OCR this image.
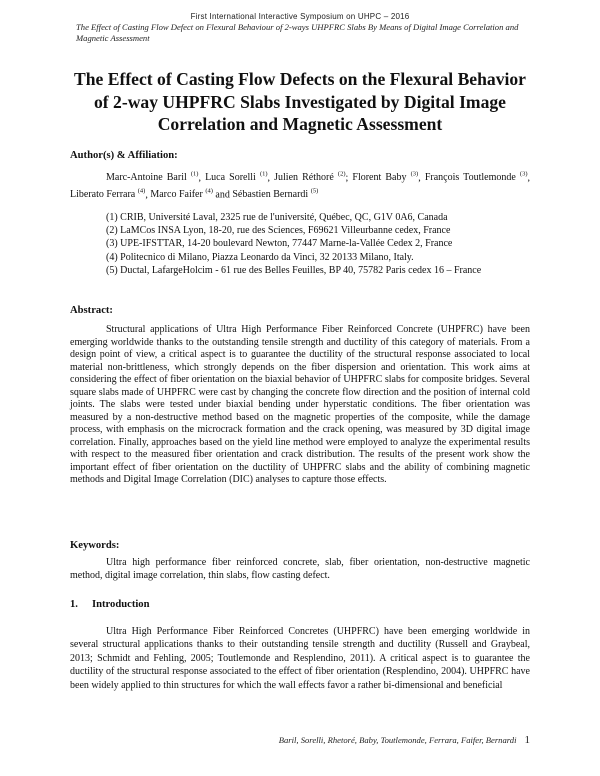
First International Interactive Symposium on UHPC – 2016
The Effect of Casting Flow Defect on Flexural Behaviour of 2-ways UHPFRC Slabs By Means of Digital Image Correlation and Magnetic Assessment
The Effect of Casting Flow Defects on the Flexural Behavior of 2-way UHPFRC Slabs Investigated by Digital Image Correlation and Magnetic Assessment
Author(s) & Affiliation:
Marc-Antoine Baril $^{(1)}$, Luca Sorelli $^{(1)}$, Julien Réthoré $^{(2)}$; Florent Baby $^{(3)}$, François Toutlemonde $^{(3)}$, Liberato Ferrara $^{(4)}$, Marco Faifer $^{(4)}$ and Sébastien Bernardi $^{(5)}$
(1) CRIB, Université Laval, 2325 rue de l'université, Québec, QC, G1V 0A6, Canada
(2) LaMCos INSA Lyon, 18-20, rue des Sciences, F69621 Villeurbanne cedex, France
(3) UPE-IFSTTAR, 14-20 boulevard Newton, 77447 Marne-la-Vallée Cedex 2, France
(4) Politecnico di Milano, Piazza Leonardo da Vinci, 32 20133 Milano, Italy.
(5) Ductal, LafargeHolcim - 61 rue des Belles Feuilles, BP 40, 75782 Paris cedex 16 – France
Abstract:

Structural applications of Ultra High Performance Fiber Reinforced Concrete (UHPFRC) have been emerging worldwide thanks to the outstanding tensile strength and ductility of this category of materials. From a design point of view, a critical aspect is to guarantee the ductility of the structural response associated to local material non-brittleness, which strongly depends on the fiber dispersion and orientation. This work aims at considering the effect of fiber orientation on the biaxial behavior of UHPFRC slabs for composite bridges. Several square slabs made of UHPFRC were cast by changing the concrete flow direction and the position of internal cold joints. The slabs were tested under biaxial bending under hyperstatic conditions. The fiber orientation was measured by a non-destructive method based on the magnetic properties of the composite, while the damage process, with emphasis on the microcrack formation and the crack opening, was measured by 3D digital image correlation. Finally, approaches based on the yield line method were employed to analyze the experimental results with respect to the measured fiber orientation and crack distribution. The results of the present work show the important effect of fiber orientation on the ductility of UHPFRC slabs and the ability of combining magnetic methods and Digital Image Correlation (DIC) analyses to capture those effects.

Keywords:

Ultra high performance fiber reinforced concrete, slab, fiber orientation, non-destructive magnetic method, digital image correlation, thin slabs, flow casting defect.

1. Introduction

Ultra High Performance Fiber Reinforced Concretes (UHPFRC) have been emerging worldwide in several structural applications thanks to their outstanding tensile strength and ductility (Russell and Graybeal, 2013; Schmidt and Fehling, 2005; Toutlemonde and Resplendino, 2011). A critical aspect is to guarantee the ductility of the structural response associated to the effect of fiber orientation (Resplendino, 2004). UHPFRC have been widely applied to thin structures for which the wall effects favor a rather bi-dimensional and beneficial

Baril, Sorelli, Rhetoré, Baby, Toutlemonde, Ferrara, Faifer, Bernardi 1
